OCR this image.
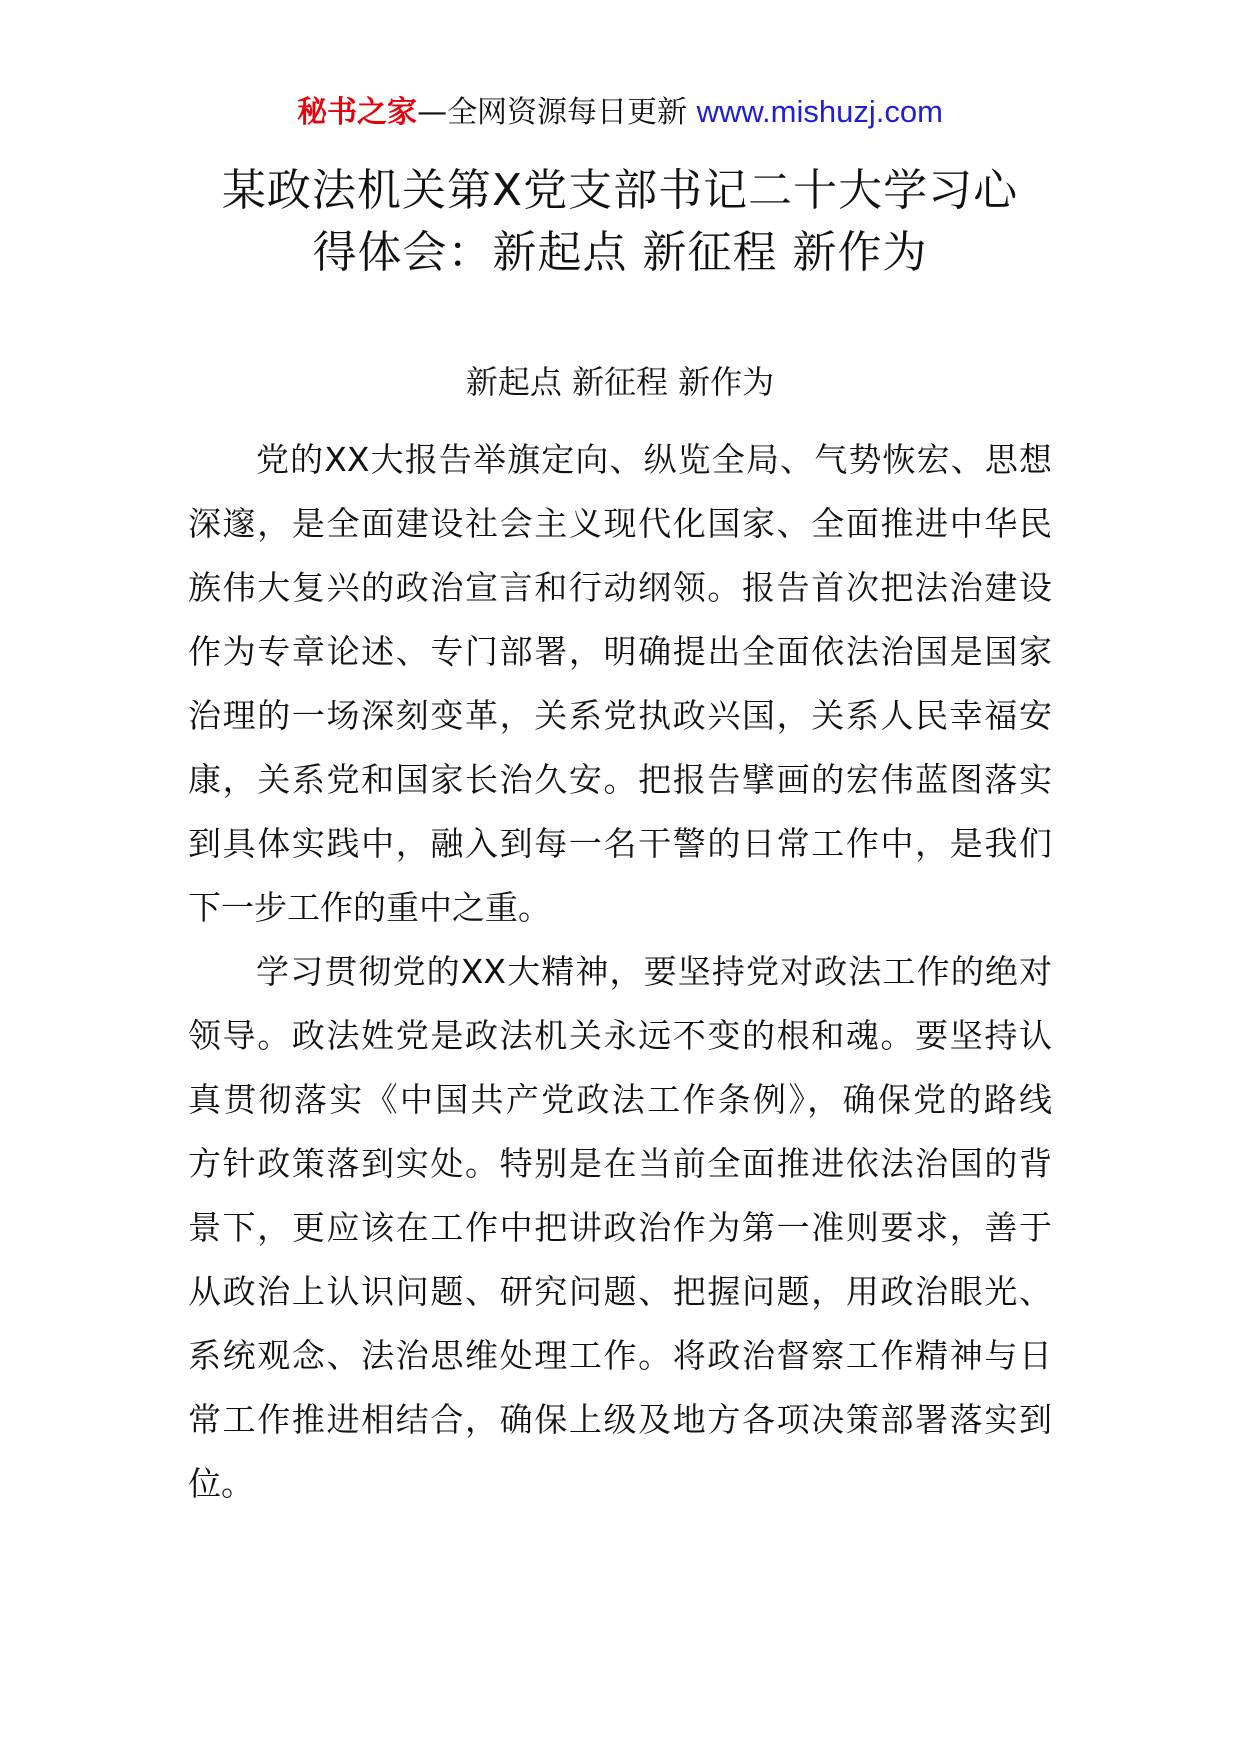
秘书之家—全网资源每日更新 www.mishuzj.com
某政法机关第X党支部书记二十大学习心
得体会：新起点 新征程 新作为
新起点 新征程 新作为
党的XX大报告举旗定向、纵览全局、气势恢宏、思想
深邃，是全面建设社会主义现代化国家、全面推进中华民
族伟大复兴的政治宣言和行动纲领。报告首次把法治建设
作为专章论述、专门部署，明确提出全面依法治国是国家
治理的一场深刻变革，关系党执政兴国，关系人民幸福安
康，关系党和国家长治久安。把报告擘画的宏伟蓝图落实
到具体实践中，融入到每一名干警的日常工作中，是我们
下一步工作的重中之重。
学习贯彻党的XX大精神，要坚持党对政法工作的绝对
领导。政法姓党是政法机关永远不变的根和魂。要坚持认
真贯彻落实《中国共产党政法工作条例》，确保党的路线
方针政策落到实处。特别是在当前全面推进依法治国的背
景下，更应该在工作中把讲政治作为第一准则要求，善于
从政治上认识问题、研究问题、把握问题，用政治眼光、
系统观念、法治思维处理工作。将政治督察工作精神与日
常工作推进相结合，确保上级及地方各项决策部署落实到
位。
